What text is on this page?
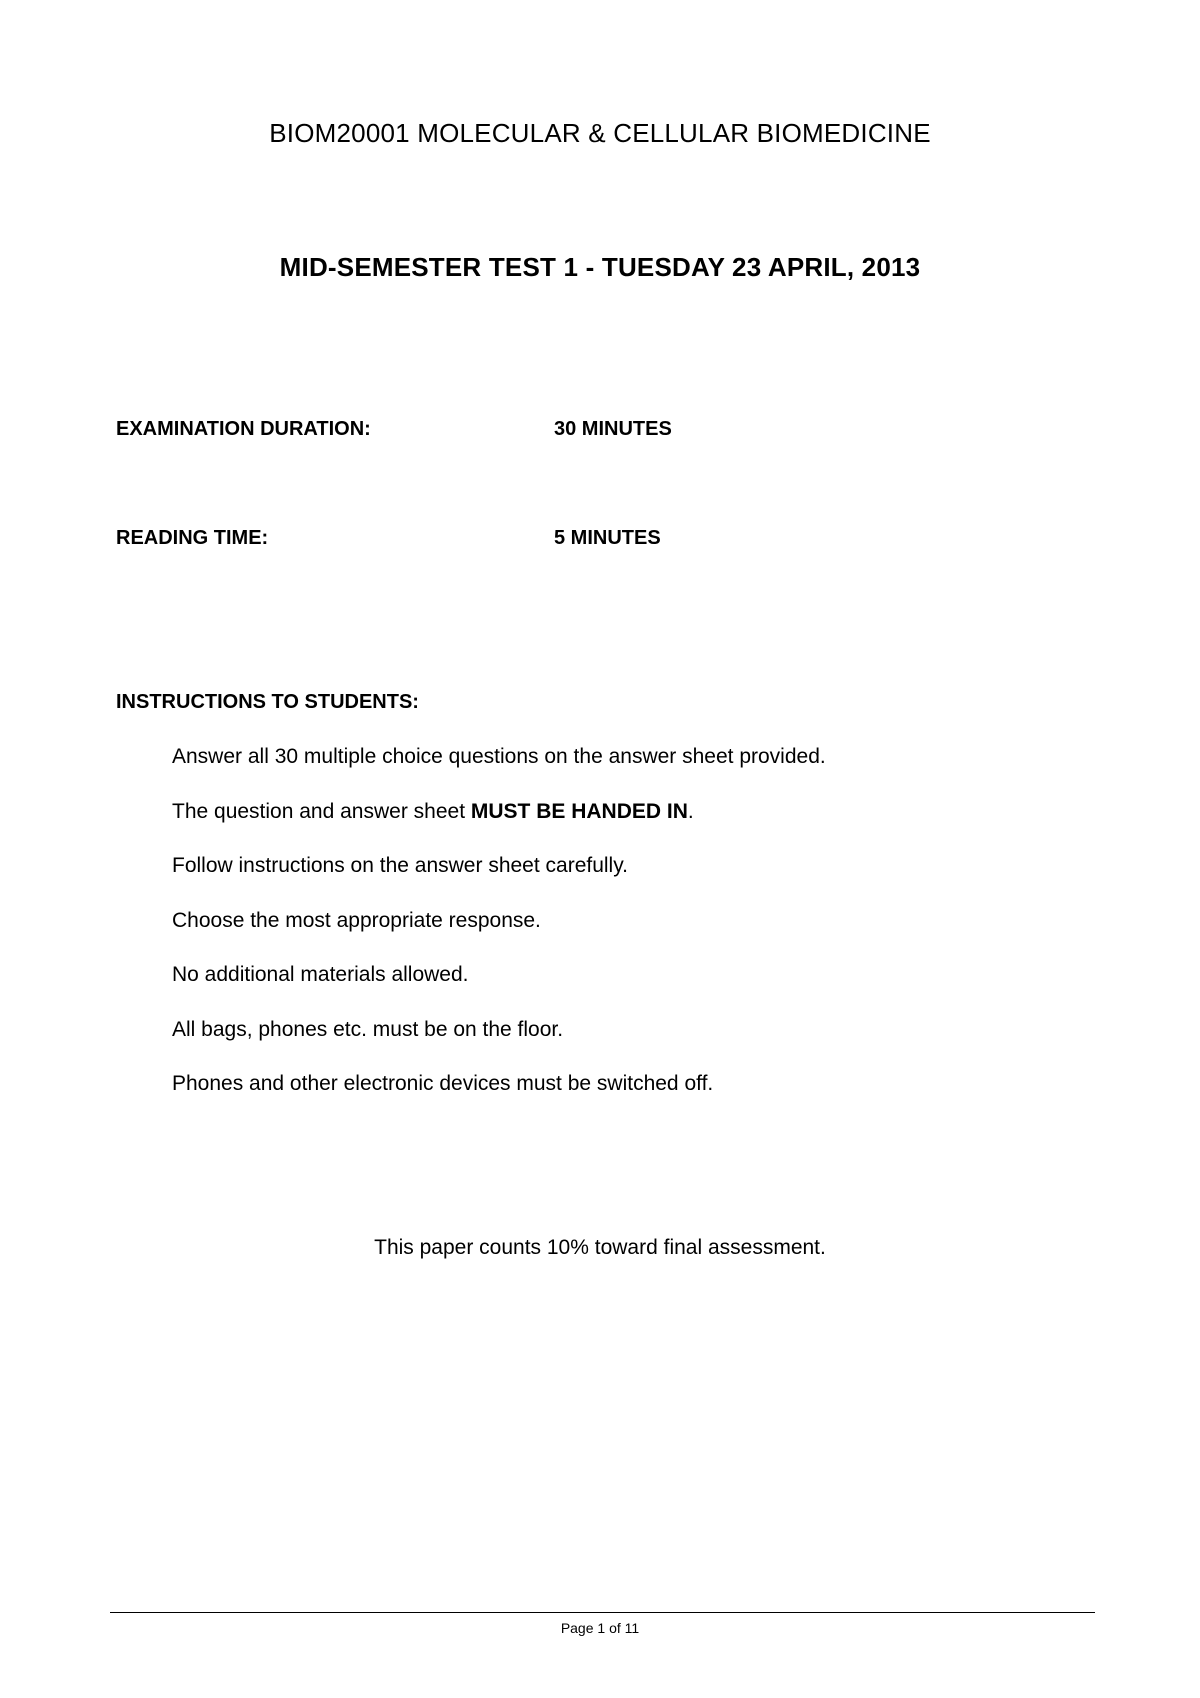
BIOM20001 MOLECULAR & CELLULAR BIOMEDICINE
MID-SEMESTER TEST 1 - TUESDAY 23 APRIL, 2013
EXAMINATION DURATION:	30 MINUTES
READING TIME:	5 MINUTES
INSTRUCTIONS TO STUDENTS:
Answer all 30 multiple choice questions on the answer sheet provided.
The question and answer sheet MUST BE HANDED IN.
Follow instructions on the answer sheet carefully.
Choose the most appropriate response.
No additional materials allowed.
All bags, phones etc. must be on the floor.
Phones and other electronic devices must be switched off.
This paper counts 10% toward final assessment.
Page 1 of 11
